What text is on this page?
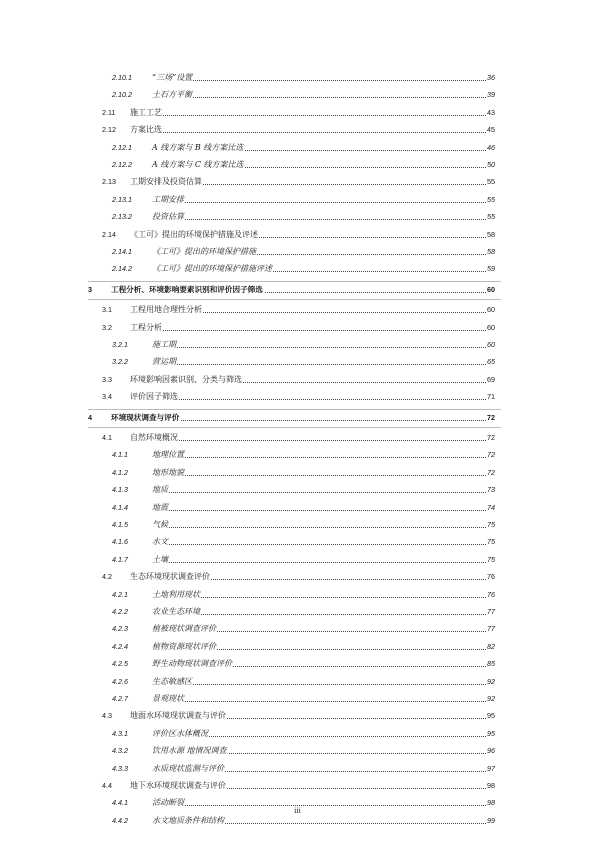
2.10.1	“三场”设置	36
2.10.2	土石方平衡	39
2.11 施工工艺	43
2.12 方案比选	45
2.12.1	A 线方案与 B 线方案比选	46
2.12.2	A 线方案与 C 线方案比选	50
2.13 工期安排及投资估算	55
2.13.1	工期安排	55
2.13.2	投资估算	55
2.14 《工可》提出的环境保护措施及评述	58
2.14.1	《工可》提出的环境保护措施	58
2.14.2	《工可》提出的环境保护措施评述	59
3	工程分析、环境影响要素识别和评价因子筛选	60
3.1 工程用地合理性分析	60
3.2 工程分析	60
3.2.1	施工期	60
3.2.2	营运期	65
3.3 环境影响因素识别、分类与筛选	69
3.4 评价因子筛选	71
4	环境现状调查与评价	72
4.1 自然环境概况	72
4.1.1	地理位置	72
4.1.2	地形地貌	72
4.1.3	地质	73
4.1.4	地震	74
4.1.5	气候	75
4.1.6	水文	75
4.1.7	土壤	75
4.2 生态环境现状调查评价	76
4.2.1	土地利用现状	76
4.2.2	农业生态环境	77
4.2.3	植被现状调查评价	77
4.2.4	植物资源现状评价	82
4.2.5	野生动物现状调查评价	85
4.2.6	生态敏感区	92
4.2.7	景观现状	92
4.3 地面水环境现状调查与评价	95
4.3.1	评价区水体概况	95
4.3.2	饮用水源 地情况调查	96
4.3.3	水质现状监测与评价	97
4.4 地下水环境现状调查与评价	98
4.4.1	活动断裂	98
4.4.2	水文地质条件和结构	99
iii
